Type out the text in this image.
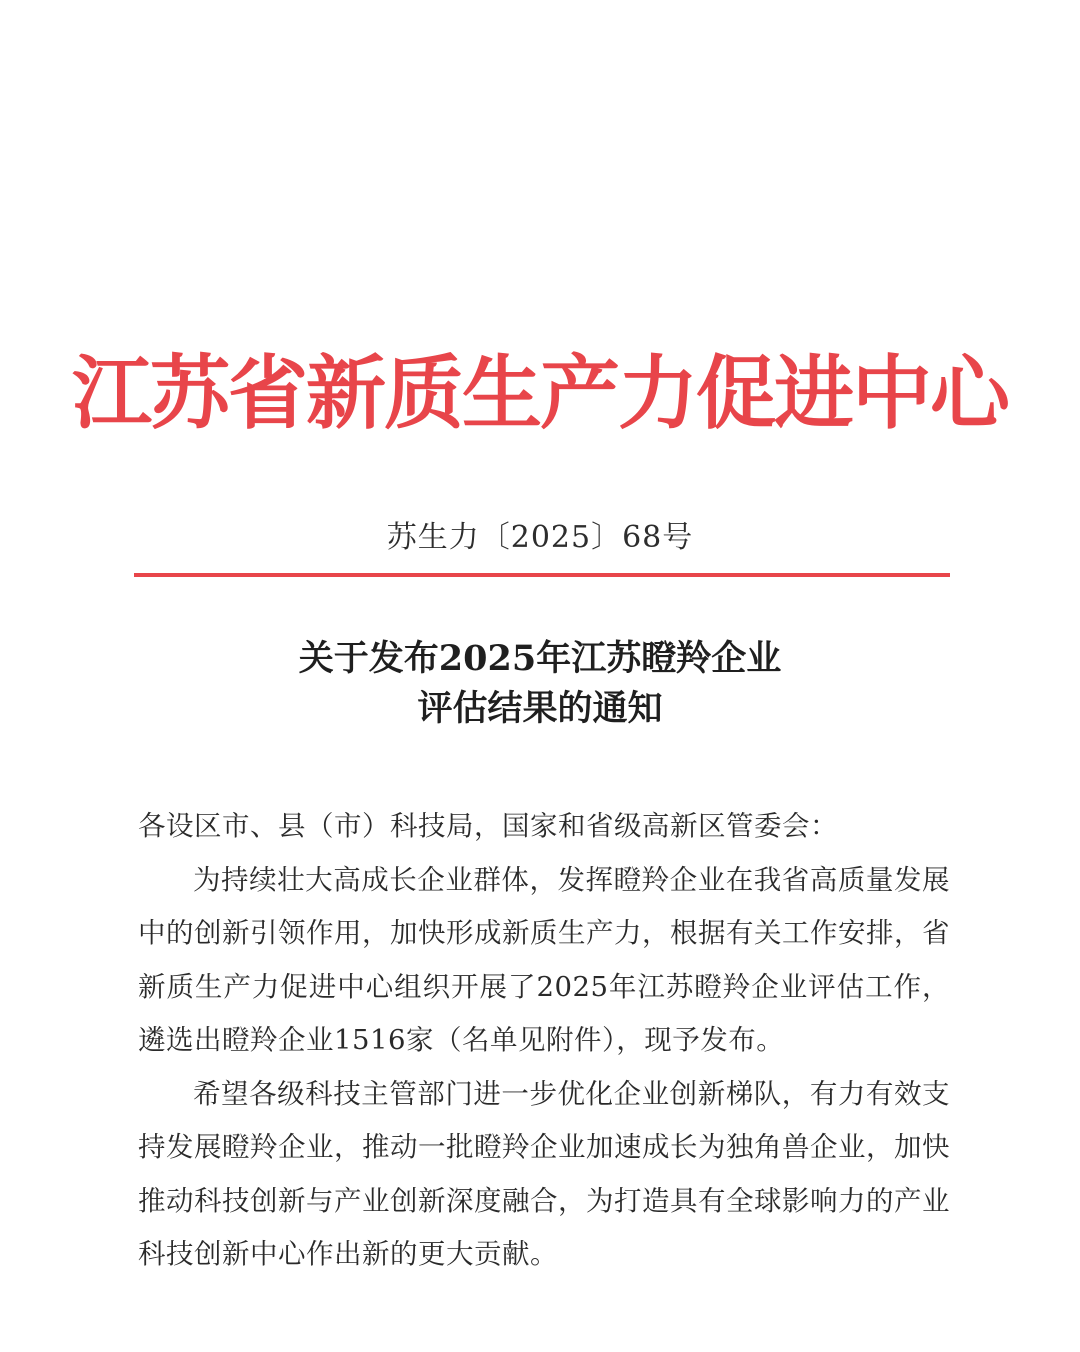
江苏省新质生产力促进中心
苏生力〔2025〕68号
关于发布2025年江苏瞪羚企业
评估结果的通知

各设区市、县（市）科技局，国家和省级高新区管委会：

为持续壮大高成长企业群体，发挥瞪羚企业在我省高质量发展中的创新引领作用，加快形成新质生产力，根据有关工作安排，省新质生产力促进中心组织开展了2025年江苏瞪羚企业评估工作，遴选出瞪羚企业1516家（名单见附件），现予发布。

希望各级科技主管部门进一步优化企业创新梯队，有力有效支持发展瞪羚企业，推动一批瞪羚企业加速成长为独角兽企业，加快推动科技创新与产业创新深度融合，为打造具有全球影响力的产业科技创新中心作出新的更大贡献。
